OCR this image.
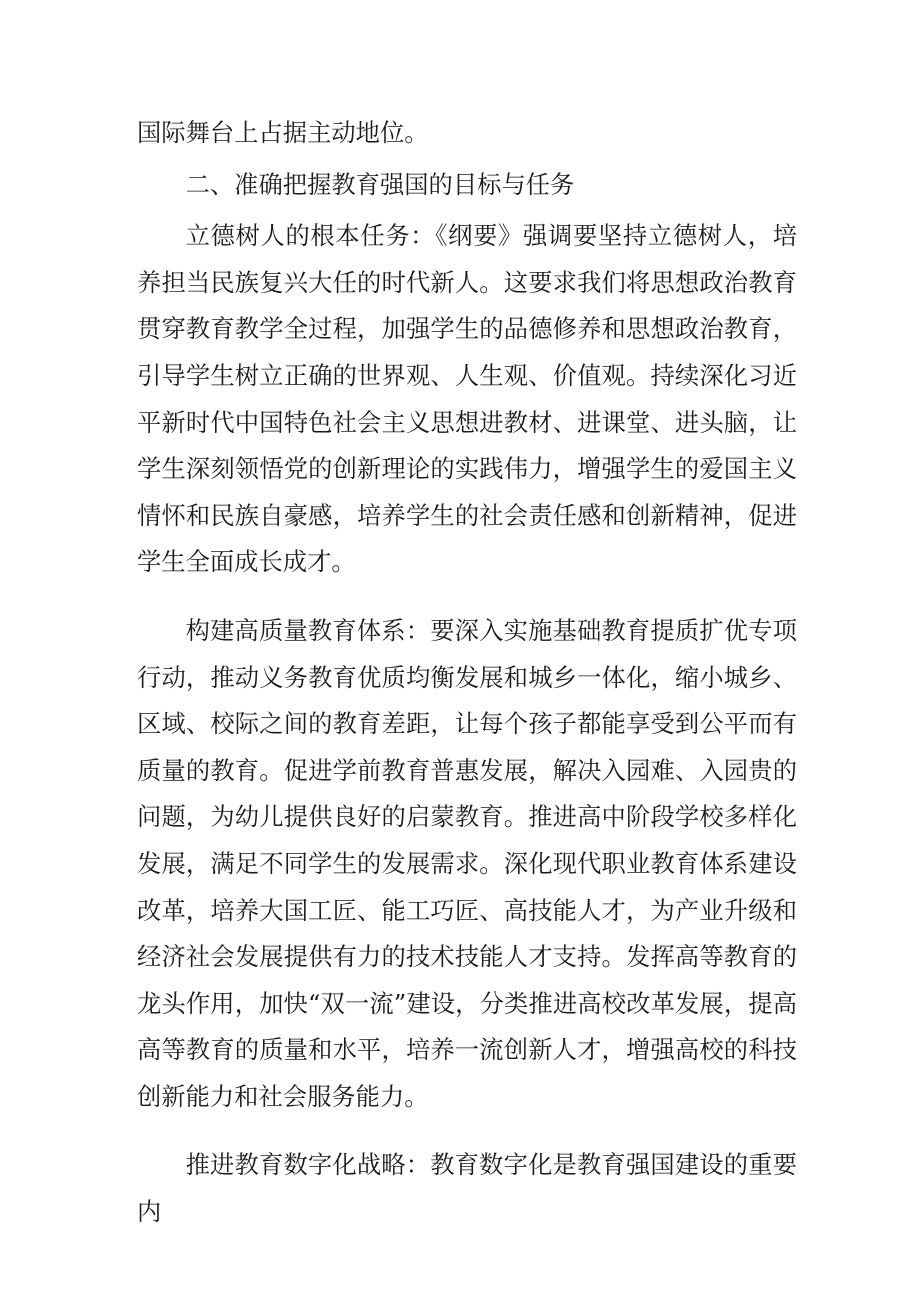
国际舞台上占据主动地位。

二、准确把握教育强国的目标与任务

立德树人的根本任务：《纲要》强调要坚持立德树人，培养担当民族复兴大任的时代新人。这要求我们将思想政治教育贯穿教育教学全过程，加强学生的品德修养和思想政治教育，引导学生树立正确的世界观、人生观、价值观。持续深化习近平新时代中国特色社会主义思想进教材、进课堂、进头脑，让学生深刻领悟党的创新理论的实践伟力，增强学生的爱国主义情怀和民族自豪感，培养学生的社会责任感和创新精神，促进学生全面成长成才。

构建高质量教育体系：要深入实施基础教育提质扩优专项行动，推动义务教育优质均衡发展和城乡一体化，缩小城乡、区域、校际之间的教育差距，让每个孩子都能享受到公平而有质量的教育。促进学前教育普惠发展，解决入园难、入园贵的问题，为幼儿提供良好的启蒙教育。推进高中阶段学校多样化发展，满足不同学生的发展需求。深化现代职业教育体系建设改革，培养大国工匠、能工巧匠、高技能人才，为产业升级和经济社会发展提供有力的技术技能人才支持。发挥高等教育的龙头作用，加快“双一流”建设，分类推进高校改革发展，提高高等教育的质量和水平，培养一流创新人才，增强高校的科技创新能力和社会服务能力。

推进教育数字化战略：教育数字化是教育强国建设的重要内
